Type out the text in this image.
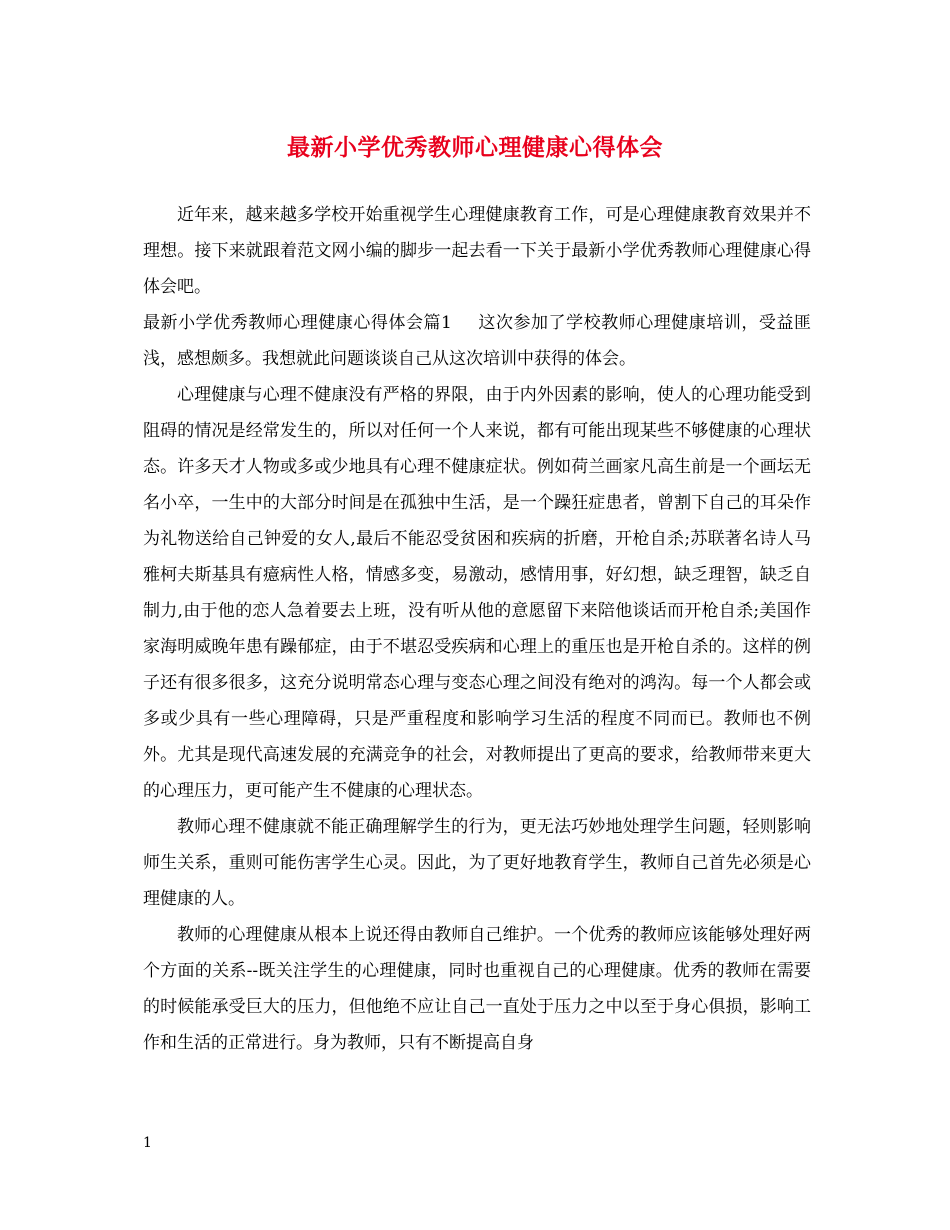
最新小学优秀教师心理健康心得体会

近年来，越来越多学校开始重视学生心理健康教育工作，可是心理健康教育效果并不理想。接下来就跟着范文网小编的脚步一起去看一下关于最新小学优秀教师心理健康心得体会吧。

最新小学优秀教师心理健康心得体会篇1 这次参加了学校教师心理健康培训，受益匪浅，感想颇多。我想就此问题谈谈自己从这次培训中获得的体会。

心理健康与心理不健康没有严格的界限，由于内外因素的影响，使人的心理功能受到阻碍的情况是经常发生的，所以对任何一个人来说，都有可能出现某些不够健康的心理状态。许多天才人物或多或少地具有心理不健康症状。例如荷兰画家凡高生前是一个画坛无名小卒，一生中的大部分时间是在孤独中生活，是一个躁狂症患者，曾割下自己的耳朵作为礼物送给自己钟爱的女人,最后不能忍受贫困和疾病的折磨，开枪自杀;苏联著名诗人马雅柯夫斯基具有癔病性人格，情感多变，易激动，感情用事，好幻想，缺乏理智，缺乏自制力,由于他的恋人急着要去上班，没有听从他的意愿留下来陪他谈话而开枪自杀;美国作家海明威晚年患有躁郁症，由于不堪忍受疾病和心理上的重压也是开枪自杀的。这样的例子还有很多很多，这充分说明常态心理与变态心理之间没有绝对的鸿沟。每一个人都会或多或少具有一些心理障碍，只是严重程度和影响学习生活的程度不同而已。教师也不例外。尤其是现代高速发展的充满竞争的社会，对教师提出了更高的要求，给教师带来更大的心理压力，更可能产生不健康的心理状态。

教师心理不健康就不能正确理解学生的行为，更无法巧妙地处理学生问题，轻则影响师生关系，重则可能伤害学生心灵。因此，为了更好地教育学生，教师自己首先必须是心理健康的人。

教师的心理健康从根本上说还得由教师自己维护。一个优秀的教师应该能够处理好两个方面的关系--既关注学生的心理健康，同时也重视自己的心理健康。优秀的教师在需要的时候能承受巨大的压力，但他绝不应让自己一直处于压力之中以至于身心俱损，影响工作和生活的正常进行。身为教师，只有不断提高自身

1
